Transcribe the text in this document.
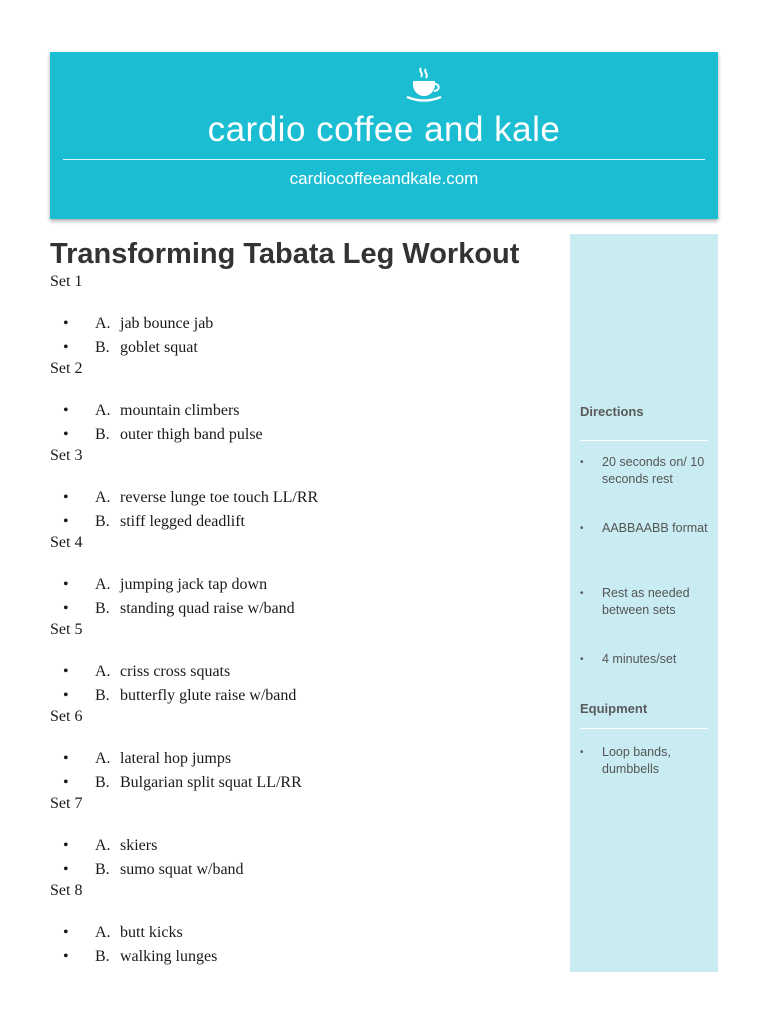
cardio coffee and kale
cardiocoffeeandkale.com
Transforming Tabata Leg Workout
Set 1
• A. jab bounce jab
• B. goblet squat
Set 2
• A. mountain climbers
• B. outer thigh band pulse
Set 3
• A. reverse lunge toe touch LL/RR
• B. stiff legged deadlift
Set 4
• A. jumping jack tap down
• B. standing quad raise w/band
Set 5
• A. criss cross squats
• B. butterfly glute raise w/band
Set 6
• A. lateral hop jumps
• B. Bulgarian split squat LL/RR
Set 7
• A. skiers
• B. sumo squat w/band
Set 8
• A. butt kicks
• B. walking lunges
Directions
• 20 seconds on/ 10 seconds rest
• AABBAABB format
• Rest as needed between sets
• 4 minutes/set
Equipment
• Loop bands, dumbbells
